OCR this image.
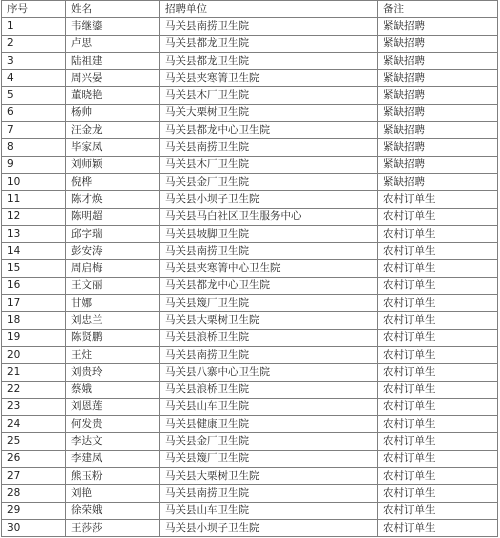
序号	姓名	招聘单位	备注
1	韦继鎏	马关县南捞卫生院	紧缺招聘
2	卢思	马关县都龙卫生院	紧缺招聘
3	陆祖建	马关县都龙卫生院	紧缺招聘
4	周兴晏	马关县夹寒箐卫生院	紧缺招聘
5	董晓艳	马关县木厂卫生院	紧缺招聘
6	杨帅	马关大栗树卫生院	紧缺招聘
7	汪金龙	马关县都龙中心卫生院	紧缺招聘
8	毕家凤	马关县南捞卫生院	紧缺招聘
9	刘师颖	马关县木厂卫生院	紧缺招聘
10	倪桦	马关县金厂卫生院	紧缺招聘
11	陈才焕	马关县小坝子卫生院	农村订单生
12	陈明超	马关县马白社区卫生服务中心	农村订单生
13	邱字瑞	马关县坡脚卫生院	农村订单生
14	彭安涛	马关县南捞卫生院	农村订单生
15	周启梅	马关县夹寒箐中心卫生院	农村订单生
16	王文丽	马关县都龙中心卫生院	农村订单生
17	甘娜	马关县篾厂卫生院	农村订单生
18	刘忠兰	马关县大栗树卫生院	农村订单生
19	陈贤鹏	马关县浪桥卫生院	农村订单生
20	王炷	马关县南捞卫生院	农村订单生
21	刘贵玲	马关县八寨中心卫生院	农村订单生
22	蔡娥	马关县浪桥卫生院	农村订单生
23	刘恩莲	马关县山车卫生院	农村订单生
24	何发贵	马关县健康卫生院	农村订单生
25	李达文	马关县金厂卫生院	农村订单生
26	李建凤	马关县篾厂卫生院	农村订单生
27	熊玉粉	马关县大栗树卫生院	农村订单生
28	刘艳	马关县南捞卫生院	农村订单生
29	徐荣娥	马关县山车卫生院	农村订单生
30	王莎莎	马关县小坝子卫生院	农村订单生
